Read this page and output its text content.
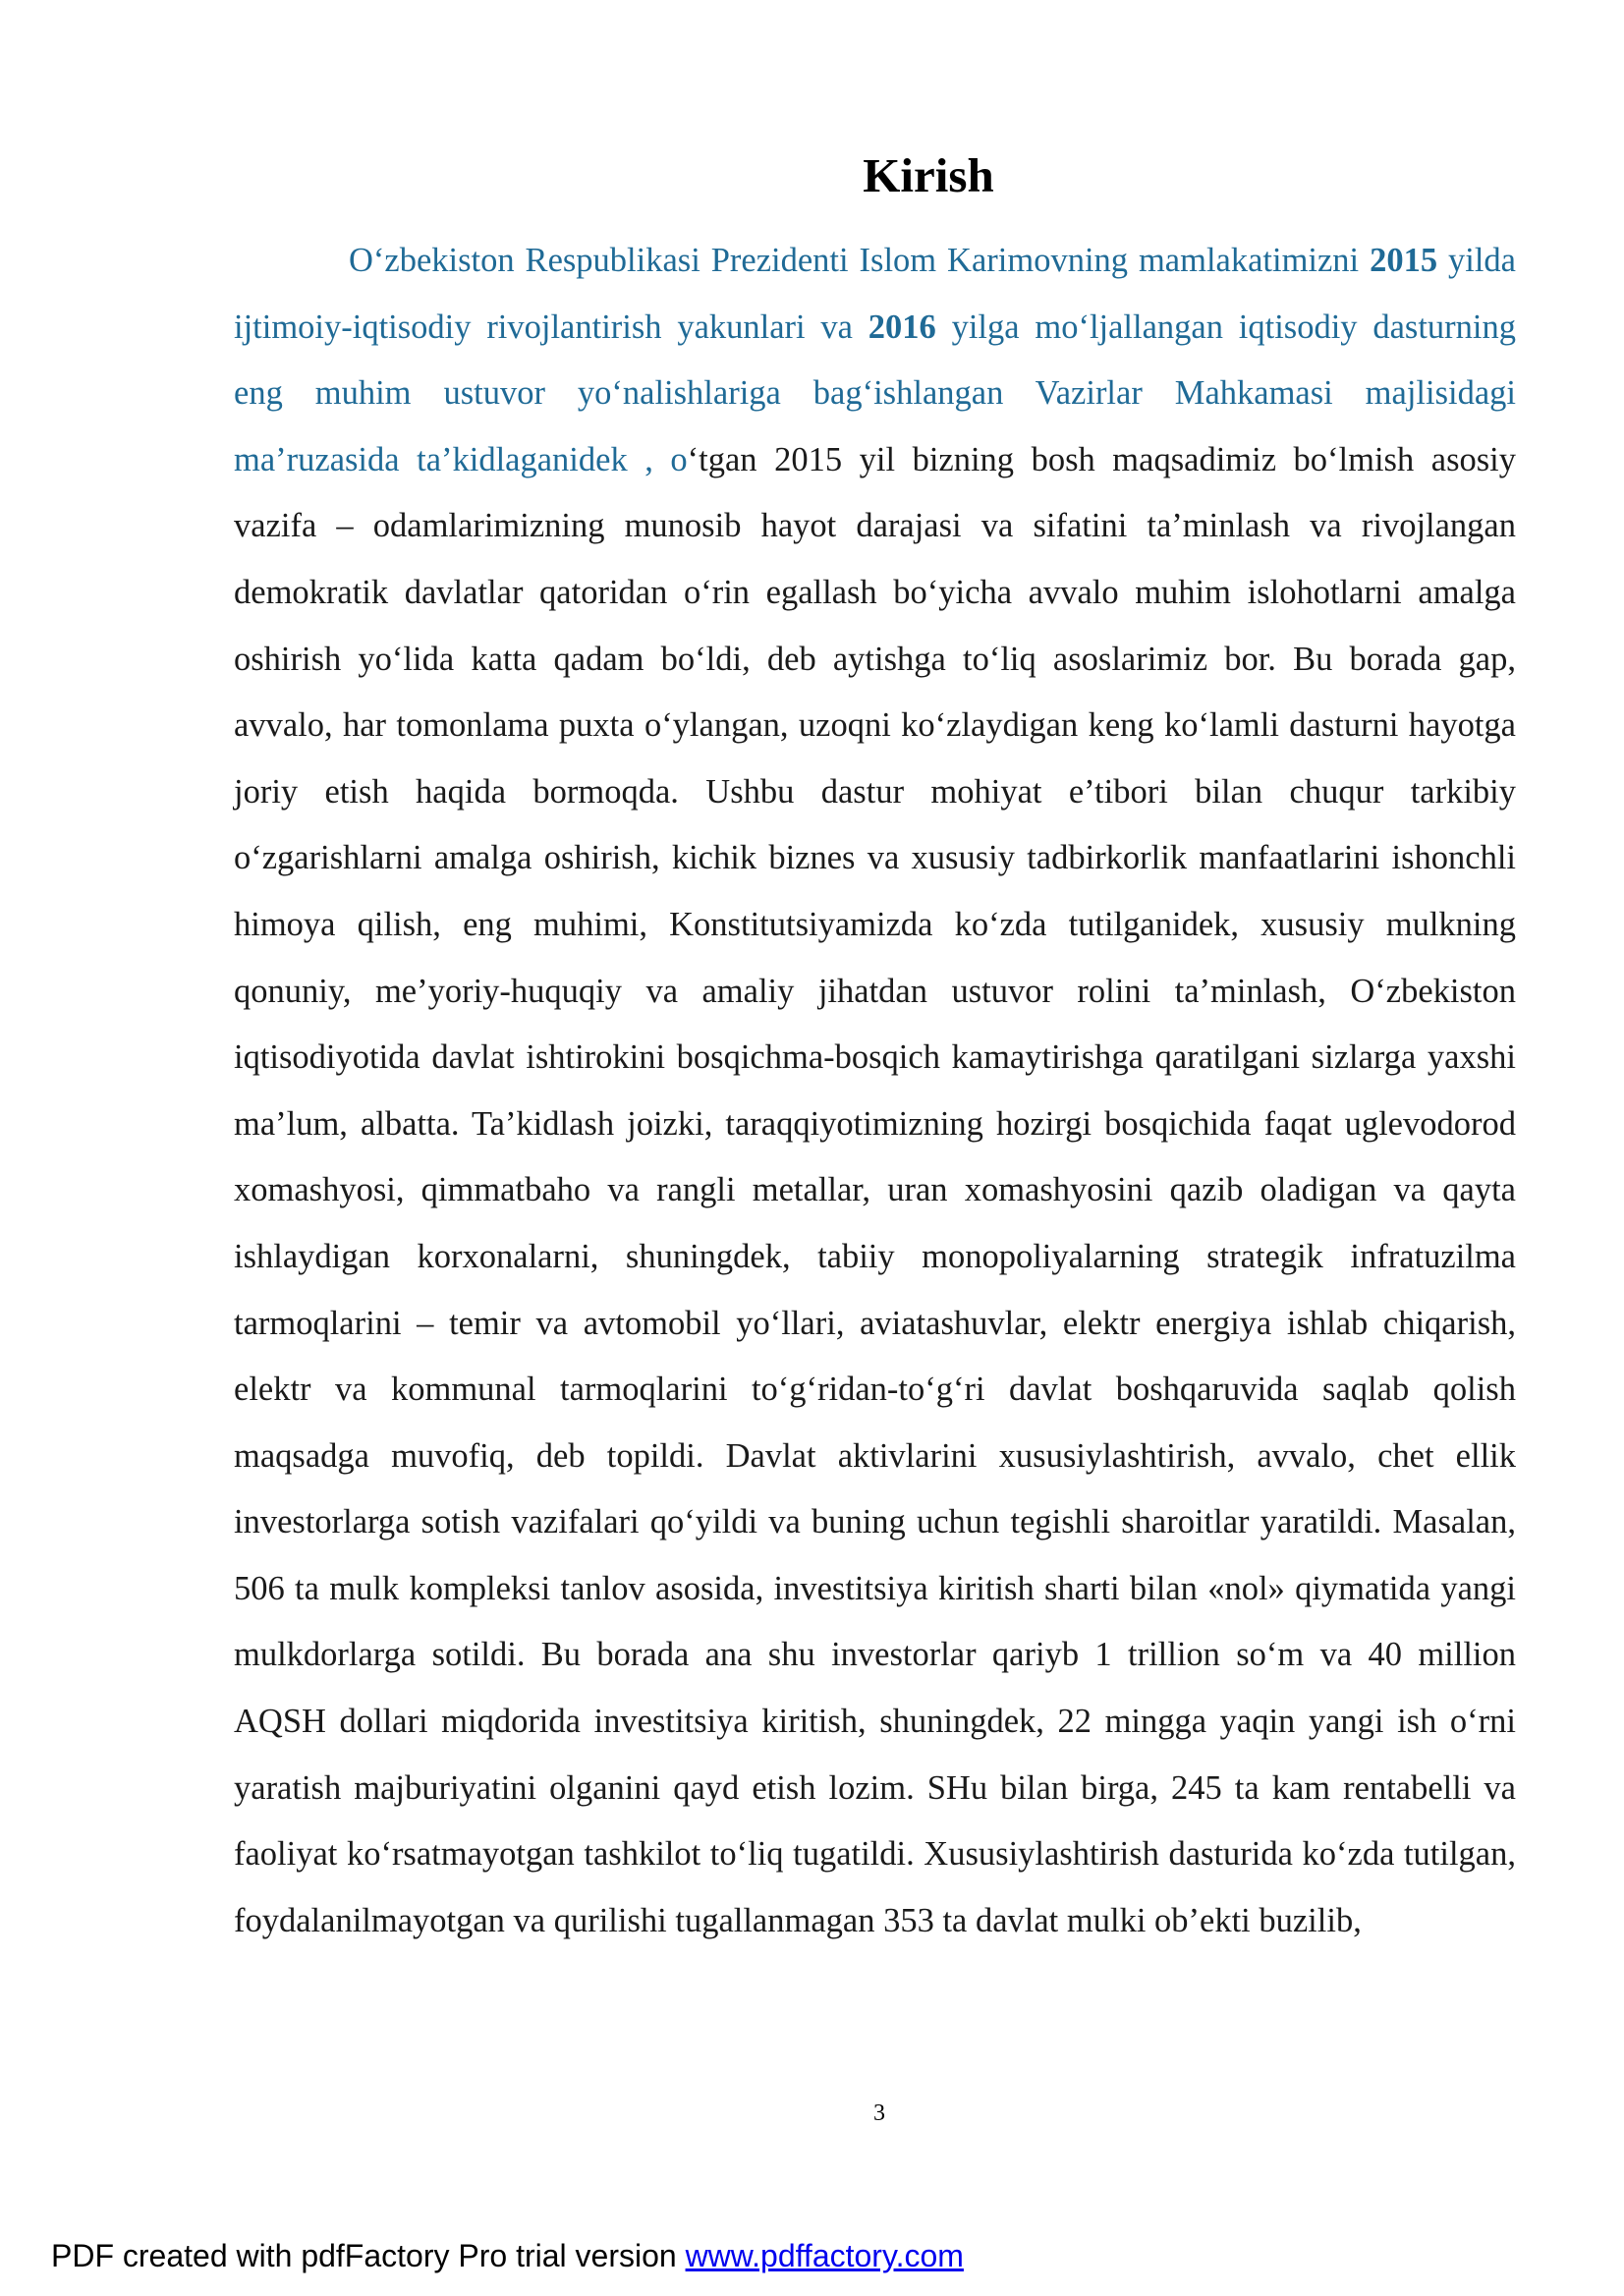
Kirish

O‘zbekiston Respublikasi Prezidenti Islom Karimovning mamlakatimizni 2015 yilda ijtimoiy-iqtisodiy rivojlantirish yakunlari va 2016 yilga mo‘ljallangan iqtisodiy dasturning eng muhim ustuvor yo‘nalishlariga bag‘ishlangan Vazirlar Mahkamasi majlisidagi ma’ruzasida ta’kidlaganidek , o‘tgan 2015 yil bizning bosh maqsadimiz bo‘lmish asosiy vazifa – odamlarimizning munosib hayot darajasi va sifatini ta’minlash va rivojlangan demokratik davlatlar qatoridan o‘rin egallash bo‘yicha avvalo muhim islohotlarni amalga oshirish yo‘lida katta qadam bo‘ldi, deb aytishga to‘liq asoslarimiz bor. Bu borada gap, avvalo, har tomonlama puxta o‘ylangan, uzoqni ko‘zlaydigan keng ko‘lamli dasturni hayotga joriy etish haqida bormoqda. Ushbu dastur mohiyat e’tibori bilan chuqur tarkibiy o‘zgarishlarni amalga oshirish, kichik biznes va xususiy tadbirkorlik manfaatlarini ishonchli himoya qilish, eng muhimi, Konstitutsiyamizda ko‘zda tutilganidek, xususiy mulkning qonuniy, me’yoriy-huquqiy va amaliy jihatdan ustuvor rolini ta’minlash, O‘zbekiston iqtisodiyotida davlat ishtirokini bosqichma-bosqich kamaytirishga qaratilgani sizlarga yaxshi ma’lum, albatta. Ta’kidlash joizki, taraqqiyotimizning hozirgi bosqichida faqat uglevodorod xomashyosi, qimmatbaho va rangli metallar, uran xomashyosini qazib oladigan va qayta ishlaydigan korxonalarni, shuningdek, tabiiy monopoliyalarning strategik infratuzilma tarmoqlarini – temir va avtomobil yo‘llari, aviatashuvlar, elektr energiya ishlab chiqarish, elektr va kommunal tarmoqlarini to‘g‘ridan-to‘g‘ri davlat boshqaruvida saqlab qolish maqsadga muvofiq, deb topildi. Davlat aktivlarini xususiylashtirish, avvalo, chet ellik investorlarga sotish vazifalari qo‘yildi va buning uchun tegishli sharoitlar yaratildi. Masalan, 506 ta mulk kompleksi tanlov asosida, investitsiya kiritish sharti bilan «nol» qiymatida yangi mulkdorlarga sotildi. Bu borada ana shu investorlar qariyb 1 trillion so‘m va 40 million AQSH dollari miqdorida investitsiya kiritish, shuningdek, 22 mingga yaqin yangi ish o‘rni yaratish majburiyatini olganini qayd etish lozim. SHu bilan birga, 245 ta kam rentabelli va faoliyat ko‘rsatmayotgan tashkilot to‘liq tugatildi. Xususiylashtirish dasturida ko‘zda tutilgan, foydalanilmayotgan va qurilishi tugallanmagan 353 ta davlat mulki ob’ekti buzilib,

3
PDF created with pdfFactory Pro trial version www.pdffactory.com
